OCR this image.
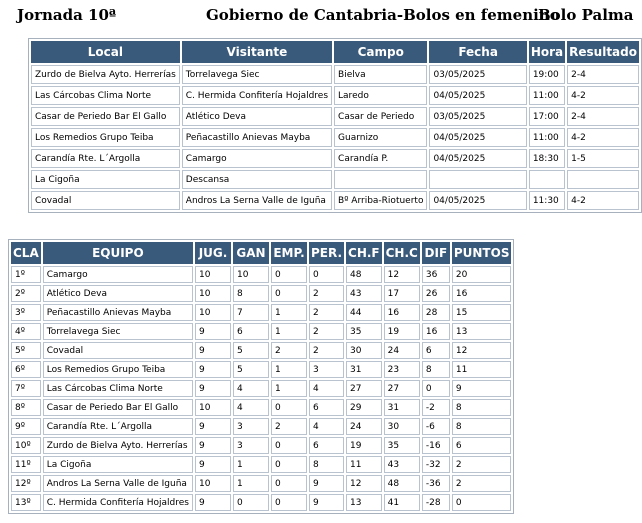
Jornada 10ª	Gobierno de Cantabria-Bolos en femenino
Bolo Palma
Local	Visitante	Campo	Fecha	Hora	Resultado
Zurdo de Bielva Ayto. Herrerías	Torrelavega Siec	Bielva	03/05/2025	19:00	2-4
Las Cárcobas Clima Norte	C. Hermida Confitería Hojaldres	Laredo	04/05/2025	11:00	4-2
Casar de Periedo Bar El Gallo	Atlético Deva	Casar de Periedo	03/05/2025	17:00	2-4
Los Remedios Grupo Teiba	Peñacastillo Anievas Mayba	Guarnizo	04/05/2025	11:00	4-2
Carandía Rte. L´Argolla	Camargo	Carandía P.	04/05/2025	18:30	1-5
La Cigoña	Descansa				
Covadal	Andros La Serna Valle de Iguña	Bº Arriba-Riotuerto	04/05/2025	11:30	4-2
CLA	EQUIPO	JUG.	GAN	EMP.	PER.	CH.F	CH.C	DIF	PUNTOS
1º	Camargo	10	10	0	0	48	12	36	20
2º	Atlético Deva	10	8	0	2	43	17	26	16
3º	Peñacastillo Anievas Mayba	10	7	1	2	44	16	28	15
4º	Torrelavega Siec	9	6	1	2	35	19	16	13
5º	Covadal	9	5	2	2	30	24	6	12
6º	Los Remedios Grupo Teiba	9	5	1	3	31	23	8	11
7º	Las Cárcobas Clima Norte	9	4	1	4	27	27	0	9
8º	Casar de Periedo Bar El Gallo	10	4	0	6	29	31	-2	8
9º	Carandía Rte. L´Argolla	9	3	2	4	24	30	-6	8
10º	Zurdo de Bielva Ayto. Herrerías	9	3	0	6	19	35	-16	6
11º	La Cigoña	9	1	0	8	11	43	-32	2
12º	Andros La Serna Valle de Iguña	10	1	0	9	12	48	-36	2
13º	C. Hermida Confitería Hojaldres	9	0	0	9	13	41	-28	0
